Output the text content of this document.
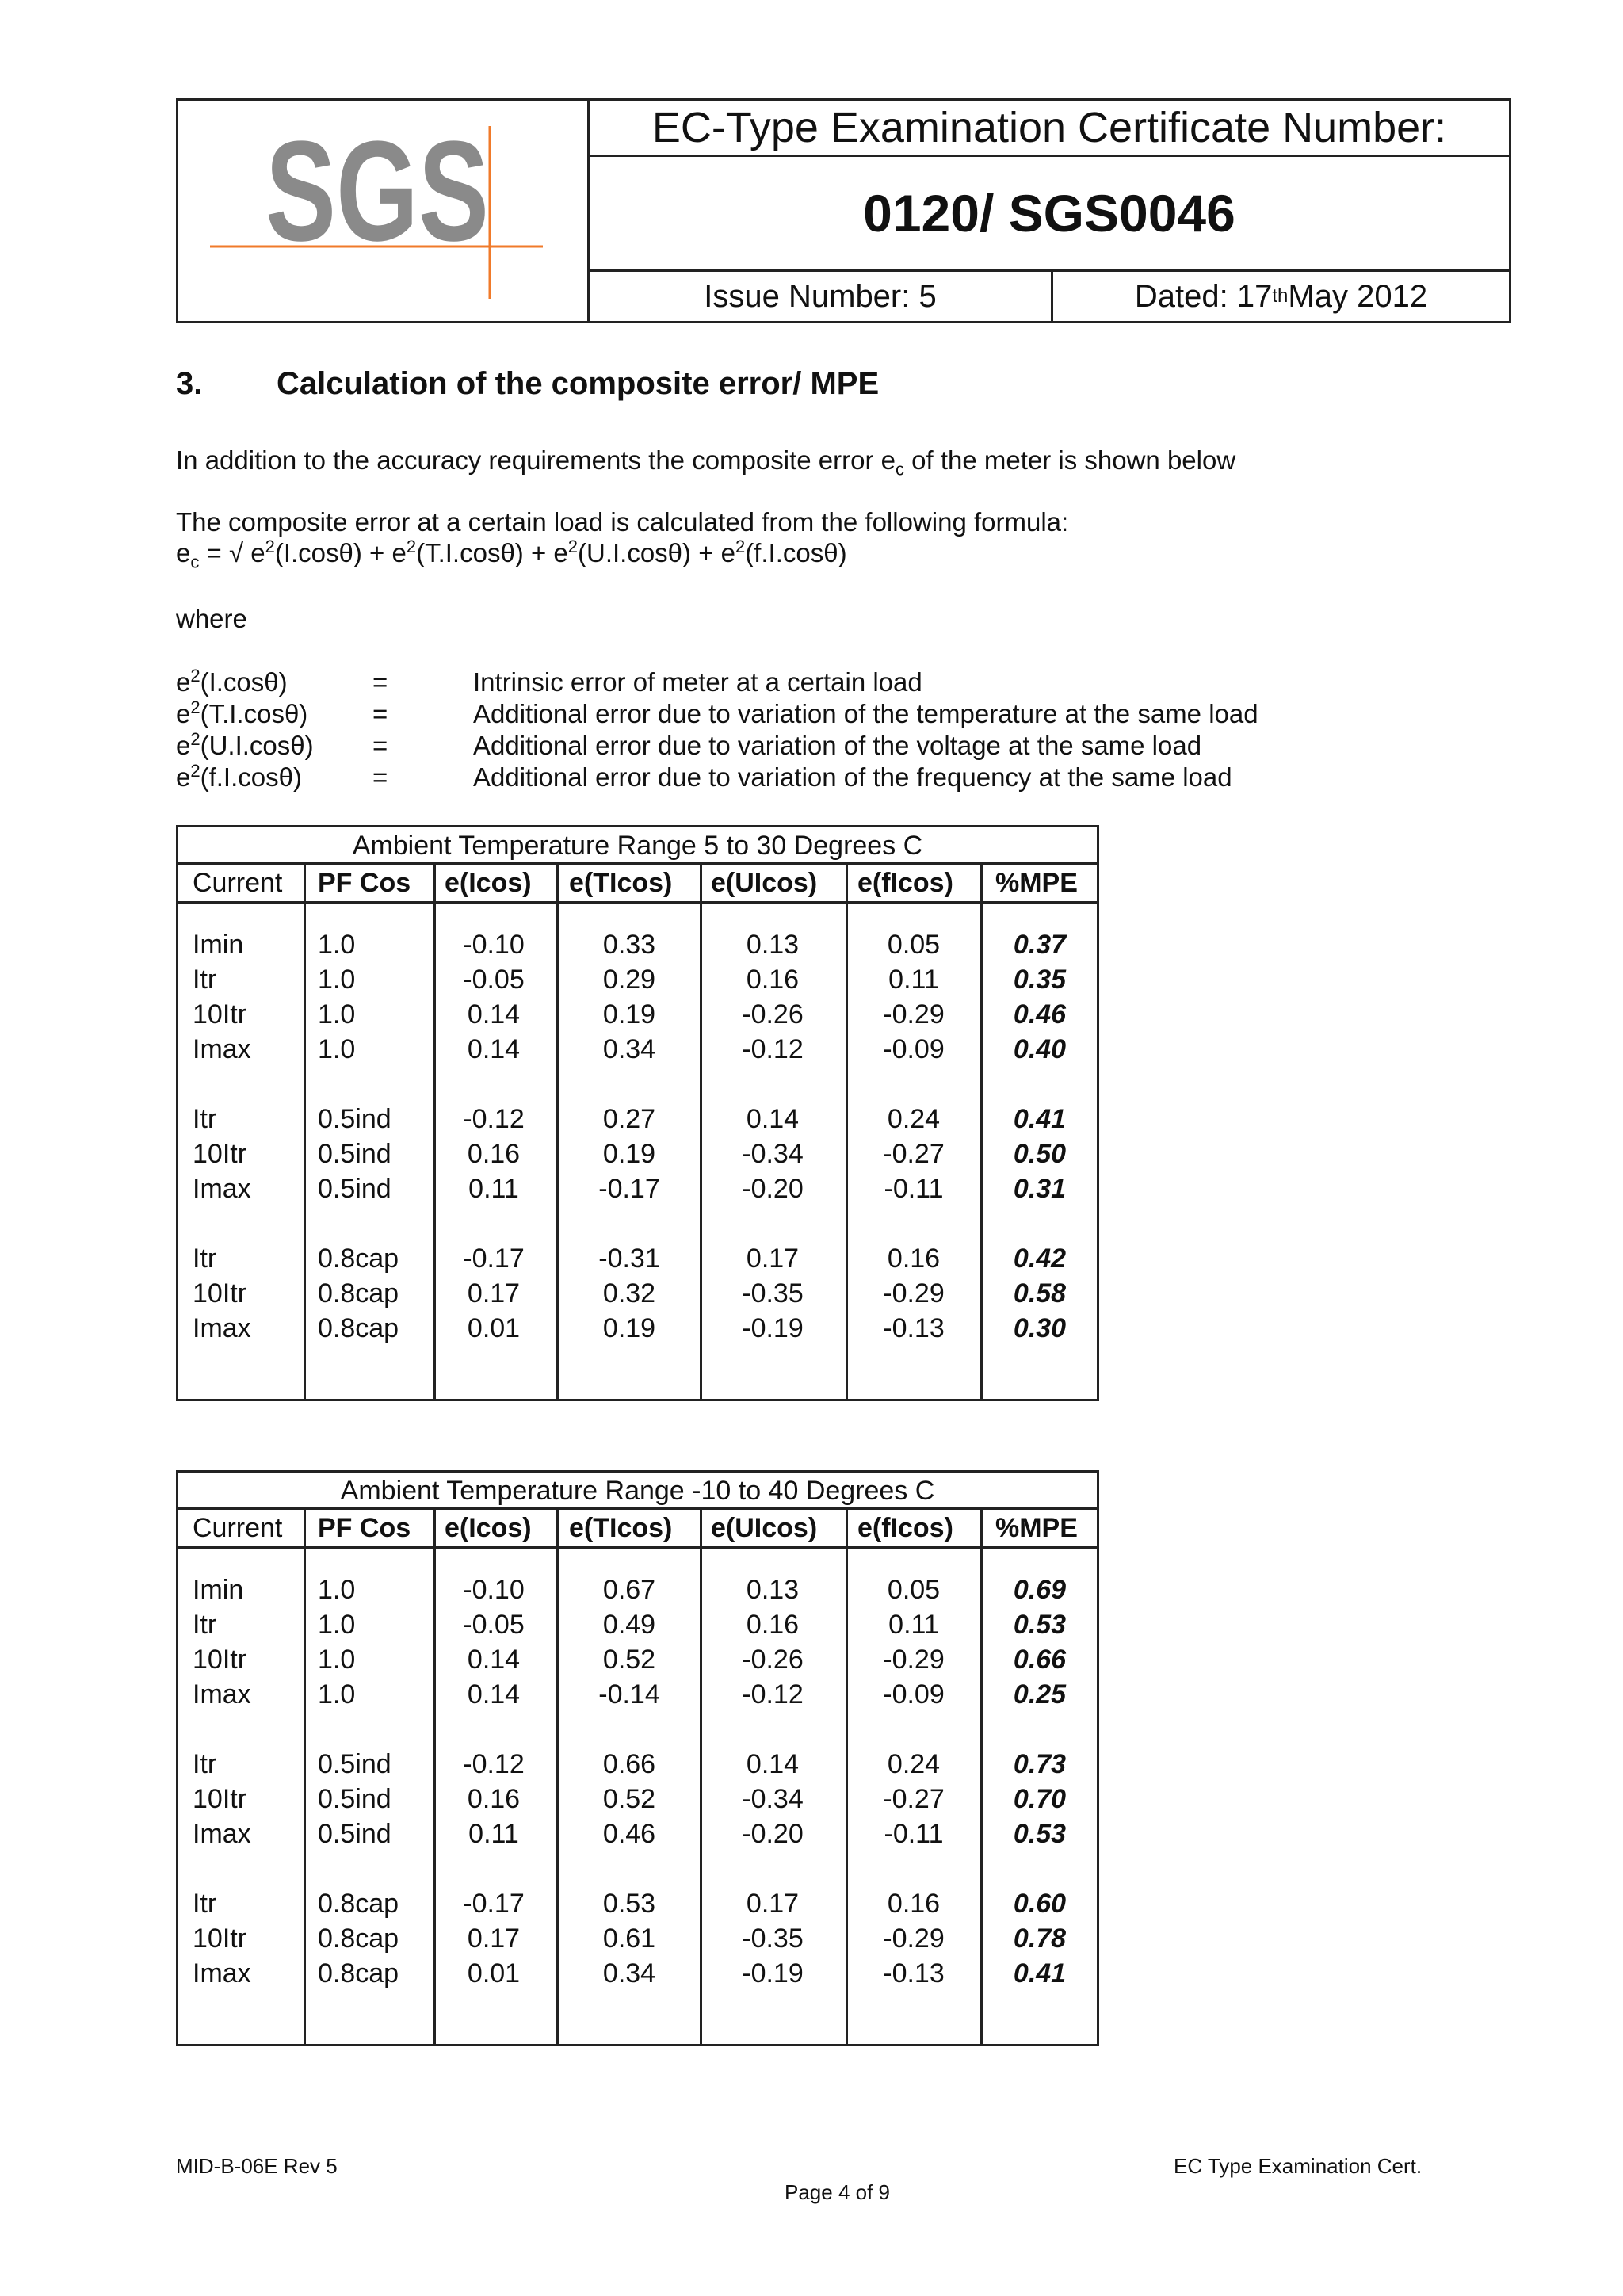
SGS	EC-Type Examination Certificate Number:
0120/ SGS0046
Issue Number: 5	Dated: 17 th May 2012

3. Calculation of the composite error/ MPE

In addition to the accuracy requirements the composite error $e_c$ of the meter is shown below

The composite error at a certain load is calculated from the following formula:

$e_c$ = √ $e^2(I.\cos\theta) + e^2(T.I.\cos\theta) + e^2(U.I.\cos\theta) + e^2(f.I.\cos\theta)$

where

$e^2(I.\cos\theta)$	=	Intrinsic error of meter at a certain load

$e^2(T.I.\cos\theta)$ =	Additional error due to variation of the temperature at the same load

$e^2(U.I.\cos\theta)$ =	Additional error due to variation of the voltage at the same load

$e^2(f.I.\cos\theta)$	=	Additional error due to variation of the frequency at the same load

Ambient Temperature Range 5 to 30 Degrees C
Current PF Cos e(Icos) e(TIcos) e(UIcos) e(fIcos) %MPE
Imin	1.0	-0.10	0.33	0.13	0.05	0.37
Itr	1.0	-0.05	0.29	0.16	0.11	0.35
10Itr	1.0	0.14	0.19	-0.26	-0.29	0.46
Imax 1.0	0.14	0.34	-0.12	-0.09	0.40
Itr	0.5ind	-0.12	0.27	0.14	0.24	0.41
10Itr	0.5ind	0.16	0.19	-0.34	-0.27	0.50
Imax 0.5ind	0.11	-0.17	-0.20	-0.11	0.31
Itr	0.8cap -0.17	-0.31	0.17	0.16	0.42
10Itr	0.8cap	0.17	0.32	-0.35	-0.29	0.58
Imax 0.8cap	0.01	0.19	-0.19	-0.13	0.30
Ambient Temperature Range -10 to 40 Degrees C
Current PF Cos e(Icos) e(TIcos) e(UIcos) e(fIcos) %MPE
Imin	1.0	-0.10	0.67	0.13	0.05	0.69
Itr	1.0	-0.05	0.49	0.16	0.11	0.53
10Itr	1.0	0.14	0.52	-0.26	-0.29	0.66
Imax 1.0	0.14	-0.14	-0.12	-0.09	0.25
Itr	0.5ind	-0.12	0.66	0.14	0.24	0.73
10Itr	0.5ind	0.16	0.52	-0.34	-0.27	0.70
Imax 0.5ind	0.11	0.46	-0.20	-0.11	0.53
Itr	0.8cap -0.17	0.53	0.17	0.16	0.60
10Itr	0.8cap	0.17	0.61	-0.35	-0.29	0.78
Imax 0.8cap	0.01	0.34	-0.19	-0.13	0.41

MID-B-06E Rev 5	EC Type Examination Cert.

Page 4 of 9
